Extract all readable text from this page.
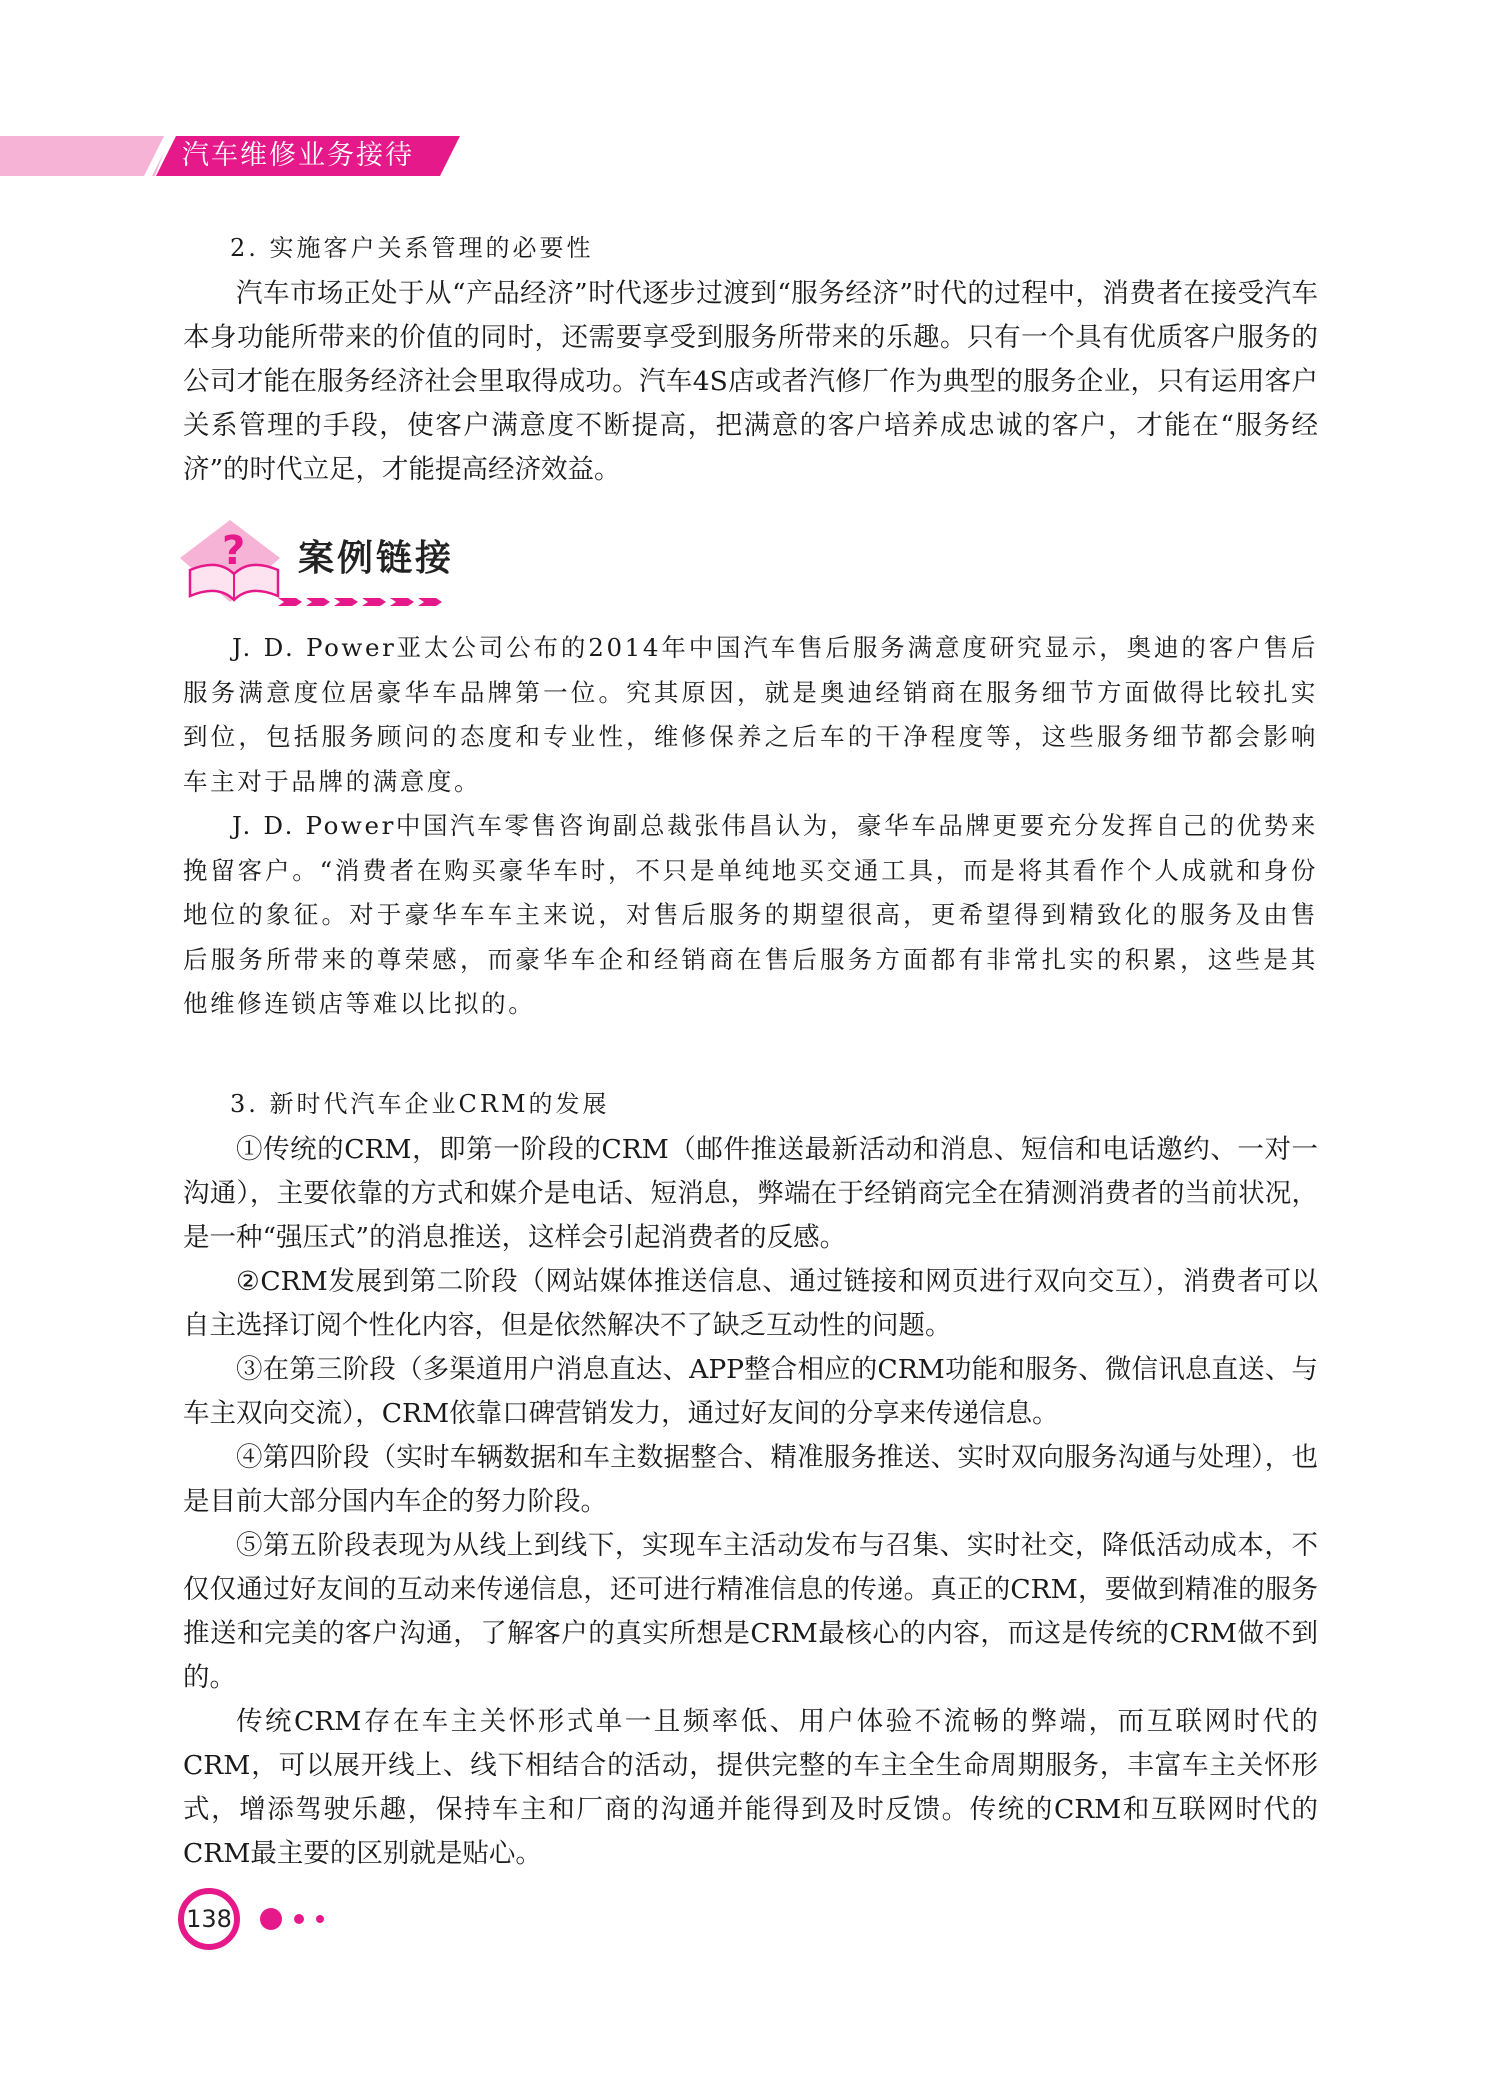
汽车维修业务接待
2. 实施客户关系管理的必要性

汽车市场正处于从“产品经济”时代逐步过渡到“服务经济”时代的过程中，消费者在接受汽车本身功能所带来的价值的同时，还需要享受到服务所带来的乐趣。只有一个具有优质客户服务的公司才能在服务经济社会里取得成功。汽车4S店或者汽修厂作为典型的服务企业，只有运用客户关系管理的手段，使客户满意度不断提高，把满意的客户培养成忠诚的客户，才能在“服务经济”的时代立足，才能提高经济效益。

? 案例链接

J. D. Power亚太公司公布的2014年中国汽车售后服务满意度研究显示，奥迪的客户售后服务满意度位居豪华车品牌第一位。究其原因，就是奥迪经销商在服务细节方面做得比较扎实到位，包括服务顾问的态度和专业性，维修保养之后车的干净程度等，这些服务细节都会影响车主对于品牌的满意度。

J. D. Power中国汽车零售咨询副总裁张伟昌认为，豪华车品牌更要充分发挥自己的优势来挽留客户。“消费者在购买豪华车时，不只是单纯地买交通工具，而是将其看作个人成就和身份地位的象征。对于豪华车车主来说，对售后服务的期望很高，更希望得到精致化的服务及由售后服务所带来的尊荣感，而豪华车企和经销商在售后服务方面都有非常扎实的积累，这些是其他维修连锁店等难以比拟的。

3. 新时代汽车企业CRM的发展

①传统的CRM，即第一阶段的CRM（邮件推送最新活动和消息、短信和电话邀约、一对一沟通），主要依靠的方式和媒介是电话、短消息，弊端在于经销商完全在猜测消费者的当前状况，是一种“强压式”的消息推送，这样会引起消费者的反感。

②CRM发展到第二阶段（网站媒体推送信息、通过链接和网页进行双向交互），消费者可以自主选择订阅个性化内容，但是依然解决不了缺乏互动性的问题。

③在第三阶段（多渠道用户消息直达、APP整合相应的CRM功能和服务、微信讯息直送、与车主双向交流），CRM依靠口碑营销发力，通过好友间的分享来传递信息。

④第四阶段（实时车辆数据和车主数据整合、精准服务推送、实时双向服务沟通与处理），也是目前大部分国内车企的努力阶段。

⑤第五阶段表现为从线上到线下，实现车主活动发布与召集、实时社交，降低活动成本，不仅仅通过好友间的互动来传递信息，还可进行精准信息的传递。真正的CRM，要做到精准的服务推送和完美的客户沟通，了解客户的真实所想是CRM最核心的内容，而这是传统的CRM做不到的。

传统CRM存在车主关怀形式单一且频率低、用户体验不流畅的弊端，而互联网时代的CRM，可以展开线上、线下相结合的活动，提供完整的车主全生命周期服务，丰富车主关怀形式，增添驾驶乐趣，保持车主和厂商的沟通并能得到及时反馈。传统的CRM和互联网时代的CRM最主要的区别就是贴心。

138
